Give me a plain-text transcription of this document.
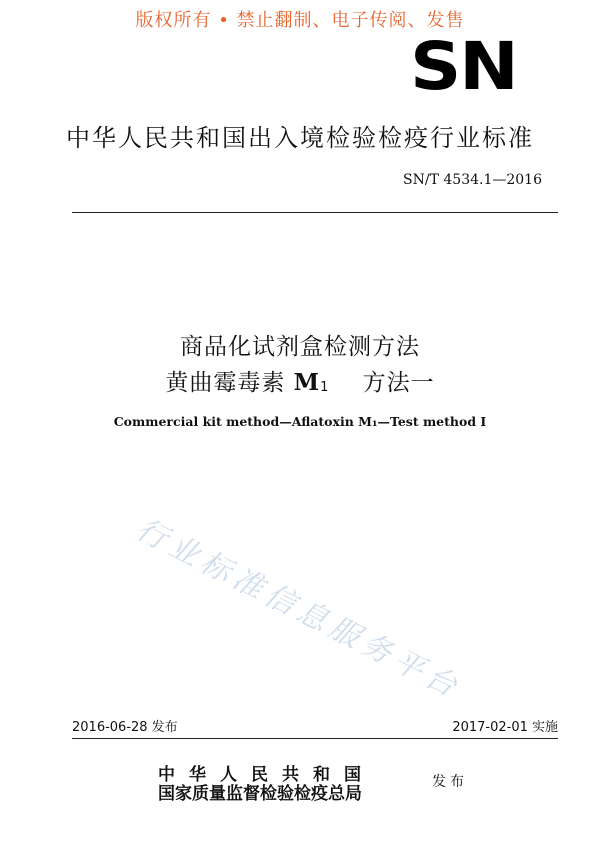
版权所有 • 禁止翻制、电子传阅、发售
SN
中华人民共和国出入境检验检疫行业标准
SN/T 4534.1—2016
商品化试剂盒检测方法
黄曲霉毒素 M1 方法一
Commercial kit method—Aflatoxin M₁—Test method Ⅰ
行业标准信息服务平台
2016-06-28 发布	2017-02-01 实施
中华人民共和国
国家质量监督检验检疫总局
发布
